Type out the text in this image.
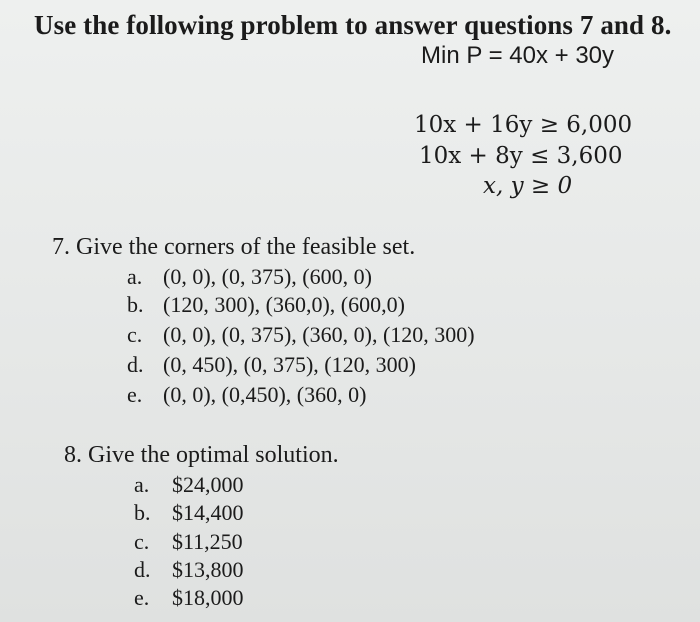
Use the following problem to answer questions 7 and 8.
Min P = 40x + 30y
10x + 16y ≥ 6,000
10x + 8y ≤ 3,600
x, y ≥ 0
7. Give the corners of the feasible set.
a. (0, 0), (0, 375), (600, 0)
b. (120, 300), (360,0), (600,0)
c. (0, 0), (0, 375), (360, 0), (120, 300)
d. (0, 450), (0, 375), (120, 300)
e. (0, 0), (0,450), (360, 0)
8. Give the optimal solution.
a. $24,000
b. $14,400
c. $11,250
d. $13,800
e. $18,000
